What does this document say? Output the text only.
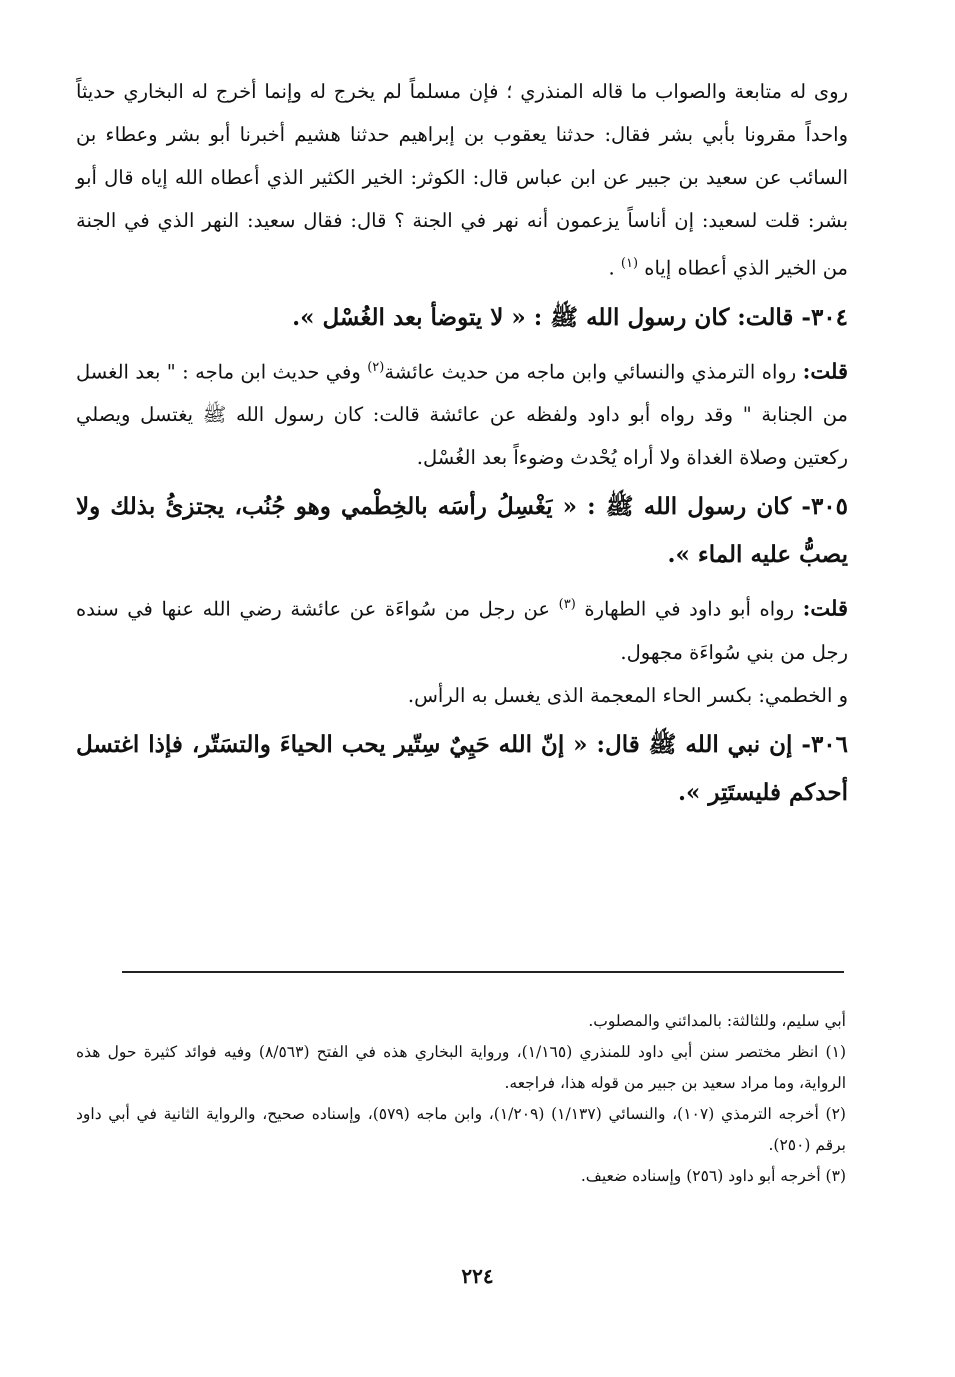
روى له متابعة والصواب ما قاله المنذري ؛ فإن مسلماً لم يخرج له وإنما أخرج له البخاري حديثاً واحداً مقرونا بأبي بشر فقال: حدثنا يعقوب بن إبراهيم حدثنا هشيم أخبرنا أبو بشر وعطاء بن السائب عن سعيد بن جبير عن ابن عباس قال: الكوثر: الخير الكثير الذي أعطاه الله إياه قال أبو بشر: قلت لسعيد: إن أناساً يزعمون أنه نهر في الجنة ؟ قال: فقال سعيد: النهر الذي في الجنة من الخير الذي أعطاه إياه $^{(١)}$ .

٣٠٤- قالت: كان رسول الله ﷺ : « لا يتوضأ بعد الغُسْل ».

قلت: رواه الترمذي والنسائي وابن ماجه من حديث عائشة$^{(٢)}$ وفي حديث ابن ماجه : " بعد الغسل من الجنابة " وقد رواه أبو داود ولفظه عن عائشة قالت: كان رسول الله ﷺ يغتسل ويصلي ركعتين وصلاة الغداة ولا أراه يُحْدث وضوءاً بعد الغُسْل.

٣٠٥- كان رسول الله ﷺ : « يَغْسِلُ رأسَه بالخِطْمي وهو جُنُب، يجتزئُ بذلك ولا يصبُّ عليه الماء ».

قلت: رواه أبو داود في الطهارة $^{(٣)}$ عن رجل من سُواءَة عن عائشة رضي الله عنها في سنده رجل من بني سُواءَة مجهول.

و الخطمي: بكسر الحاء المعجمة الذى يغسل به الرأس.

٣٠٦- إن نبي الله ﷺ قال: « إنّ الله حَيِيٌ سِتّير يحب الحياءَ والتسَتّر، فإذا اغتسل أحدكم فليستَتِر ».

أبي سليم، وللثالثة: بالمدائني والمصلوب.

(١) انظر مختصر سنن أبي داود للمنذري (١/١٦٥)، ورواية البخاري هذه في الفتح (٨/٥٦٣) وفيه فوائد كثيرة حول هذه الرواية، وما مراد سعيد بن جبير من قوله هذا، فراجعه.

(٢) أخرجه الترمذي (١٠٧)، والنسائي (١/١٣٧) (١/٢٠٩)، وابن ماجه (٥٧٩)، وإسناده صحيح، والرواية الثانية في أبي داود برقم (٢٥٠).

(٣) أخرجه أبو داود (٢٥٦) وإسناده ضعيف.

٢٢٤
